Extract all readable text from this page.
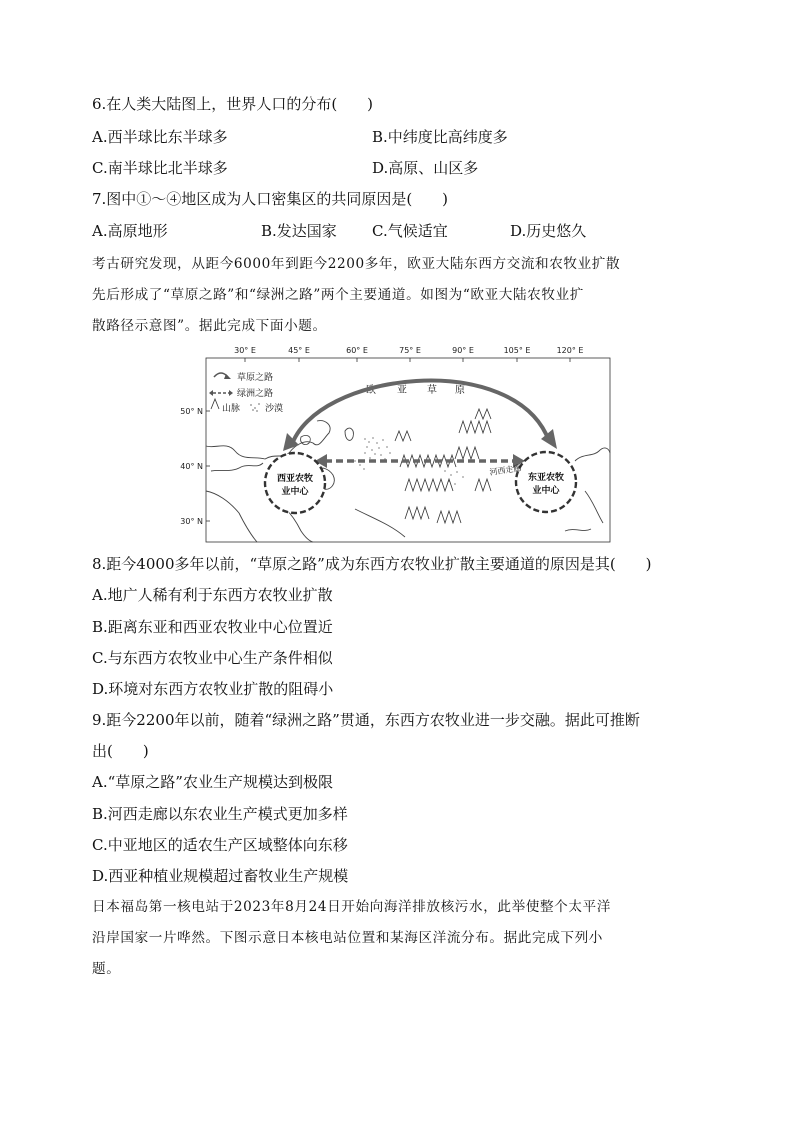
6.在人类大陆图上，世界人口的分布(　　)
A.西半球比东半球多	B.中纬度比高纬度多
C.南半球比北半球多	D.高原、山区多
7.图中①～④地区成为人口密集区的共同原因是(　　)
A.高原地形	B.发达国家 C.气候适宜	D.历史悠久
考古研究发现，从距今6000年到距今2200多年，欧亚大陆东西方交流和农牧业扩散
先后形成了“草原之路”和“绿洲之路”两个主要通道。如图为“欧亚大陆农牧业扩
散路径示意图”。据此完成下面小题。
30° E	45° E	60° E	75° E	90° E	105° E	120° E
50° N
40° N
30° N
草原之路
绿洲之路
山脉	沙漠
欧 亚 草 原
西亚农牧
业中心
东亚农牧
业中心
河西走廊
8.距今4000多年以前，“草原之路”成为东西方农牧业扩散主要通道的原因是其(　　)
A.地广人稀有利于东西方农牧业扩散
B.距离东亚和西亚农牧业中心位置近
C.与东西方农牧业中心生产条件相似
D.环境对东西方农牧业扩散的阻碍小
9.距今2200年以前，随着“绿洲之路”贯通，东西方农牧业进一步交融。据此可推断
出(　　)
A.“草原之路”农业生产规模达到极限
B.河西走廊以东农业生产模式更加多样
C.中亚地区的适农生产区域整体向东移
D.西亚种植业规模超过畜牧业生产规模
日本福岛第一核电站于2023年8月24日开始向海洋排放核污水，此举使整个太平洋
沿岸国家一片哗然。下图示意日本核电站位置和某海区洋流分布。据此完成下列小
题。
